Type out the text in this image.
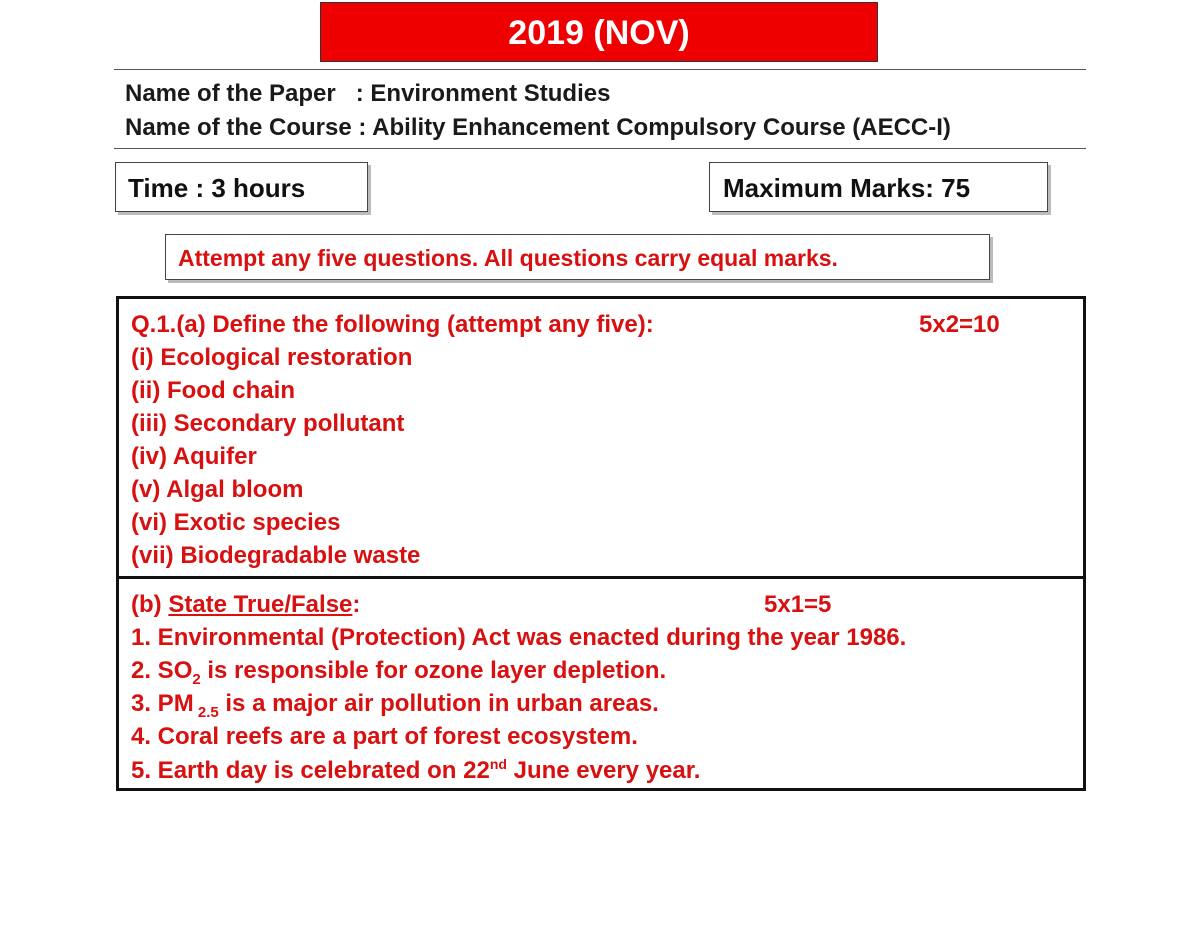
2019 (NOV)
Name of the Paper   : Environment Studies
Name of the Course : Ability Enhancement Compulsory Course (AECC-I)
Time : 3 hours	Maximum Marks: 75
Attempt any five questions. All questions carry equal marks.
Q.1.(a) Define the following (attempt any five):	5x2=10
(i) Ecological restoration
(ii) Food chain
(iii) Secondary pollutant
(iv) Aquifer
(v) Algal bloom
(vi) Exotic species
(vii) Biodegradable waste
(b) State True/False:	5x1=5
1. Environmental (Protection) Act was enacted during the year 1986.
2. $SO_2$ is responsible for ozone layer depletion.
3. PM $_{2.5}$ is a major air pollution in urban areas.
4. Coral reefs are a part of forest ecosystem.
5. Earth day is celebrated on 22nd June every year.
